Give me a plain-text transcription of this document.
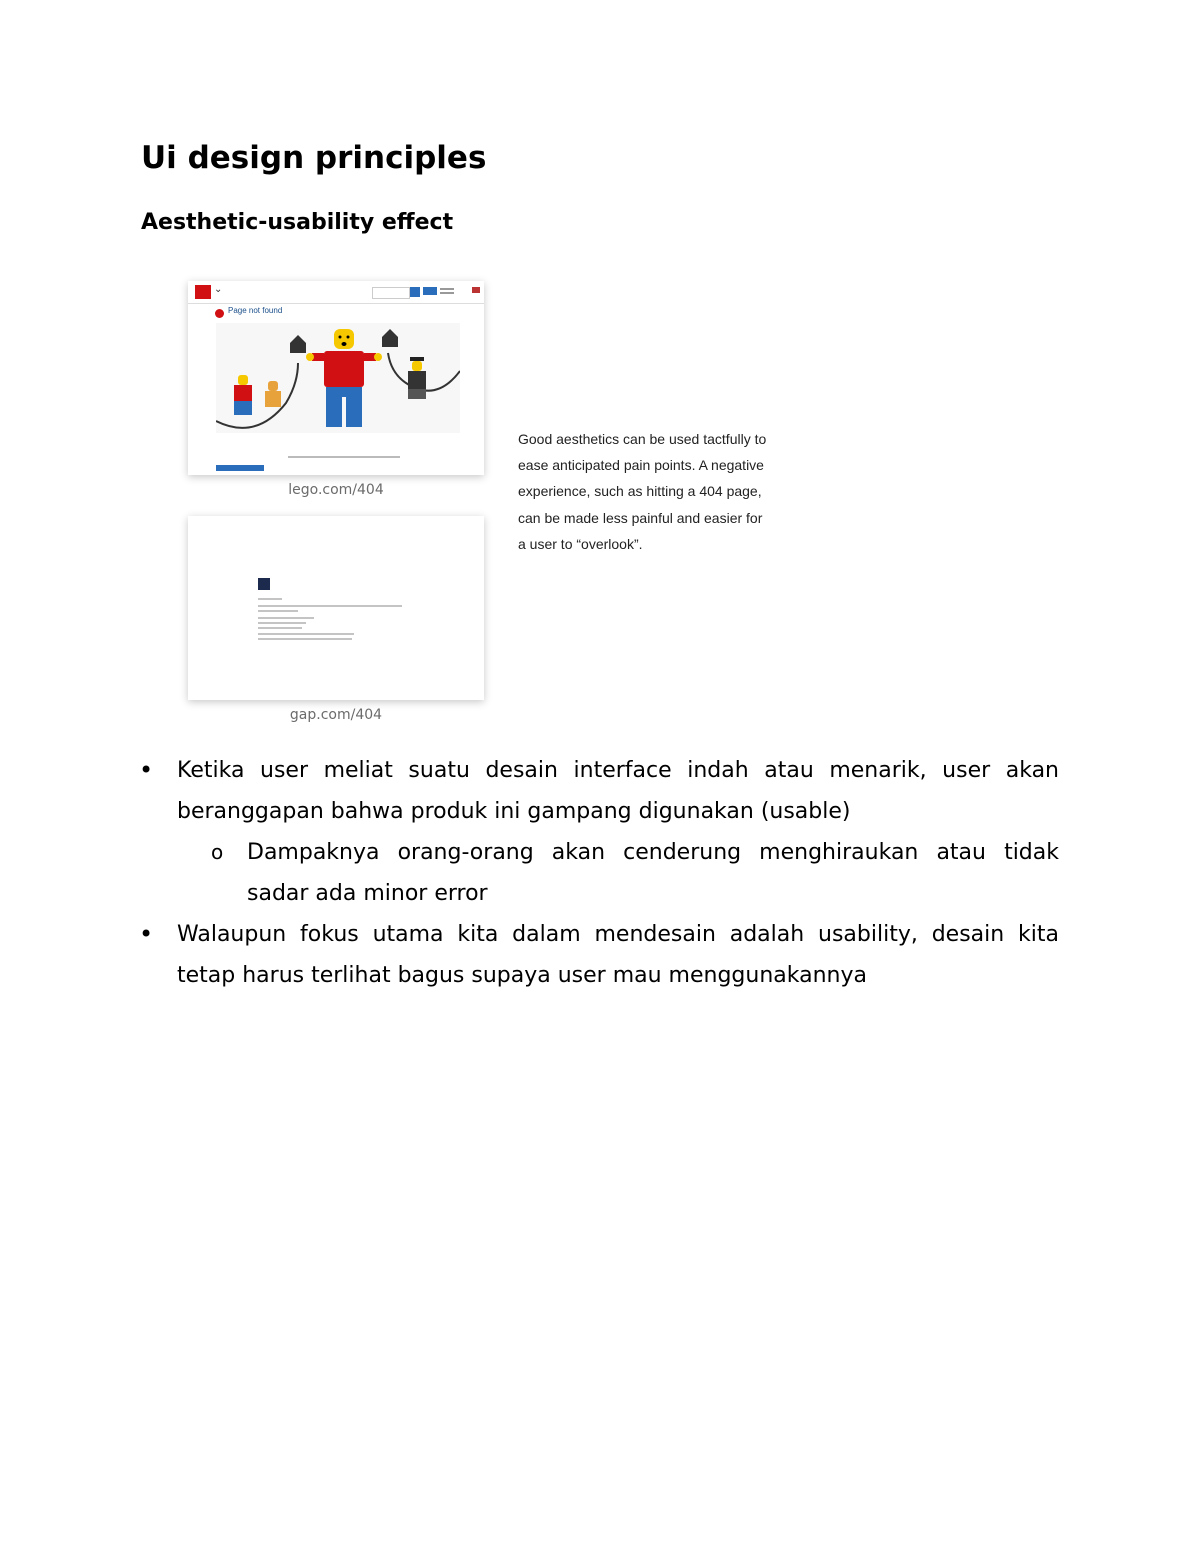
Ui design principles
Aesthetic-usability effect
⌄
Page not found
lego.com/404
gap.com/404
Good aesthetics can be used tactfully to ease anticipated pain points. A negative experience, such as hitting a 404 page, can be made less painful and easier for a user to “overlook”.
• Ketika user meliat suatu desain interface indah atau menarik, user akan beranggapan bahwa produk ini gampang digunakan (usable)
o Dampaknya orang-orang akan cenderung menghiraukan atau tidak sadar ada minor error
• Walaupun fokus utama kita dalam mendesain adalah usability, desain kita tetap harus terlihat bagus supaya user mau menggunakannya
